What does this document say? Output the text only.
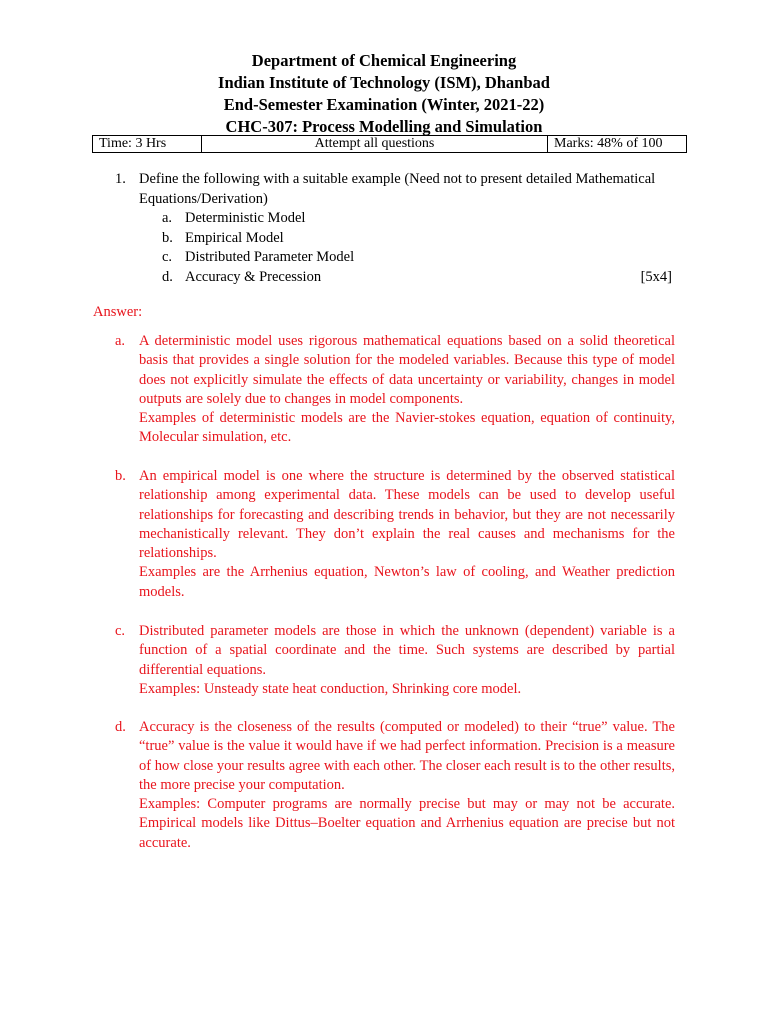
Department of Chemical Engineering
Indian Institute of Technology (ISM), Dhanbad
End-Semester Examination (Winter, 2021-22)
CHC-307: Process Modelling and Simulation
Time: 3 Hrs	Attempt all questions	Marks: 48% of 100
1. Define the following with a suitable example (Need not to present detailed Mathematical Equations/Derivation)
a. Deterministic Model
b. Empirical Model
c. Distributed Parameter Model
d. Accuracy & Precession	[5x4]
Answer:
a. A deterministic model uses rigorous mathematical equations based on a solid theoretical basis that provides a single solution for the modeled variables. Because this type of model does not explicitly simulate the effects of data uncertainty or variability, changes in model outputs are solely due to changes in model components.

Examples of deterministic models are the Navier-stokes equation, equation of continuity, Molecular simulation, etc.

b. An empirical model is one where the structure is determined by the observed statistical relationship among experimental data. These models can be used to develop useful relationships for forecasting and describing trends in behavior, but they are not necessarily mechanistically relevant. They don’t explain the real causes and mechanisms for the relationships.

Examples are the Arrhenius equation, Newton’s law of cooling, and Weather prediction models.

c. Distributed parameter models are those in which the unknown (dependent) variable is a function of a spatial coordinate and the time. Such systems are described by partial differential equations.

Examples: Unsteady state heat conduction, Shrinking core model.

d. Accuracy is the closeness of the results (computed or modeled) to their “true” value. The “true” value is the value it would have if we had perfect information. Precision is a measure of how close your results agree with each other. The closer each result is to the other results, the more precise your computation.

Examples: Computer programs are normally precise but may or may not be accurate. Empirical models like Dittus–Boelter equation and Arrhenius equation are precise but not accurate.
